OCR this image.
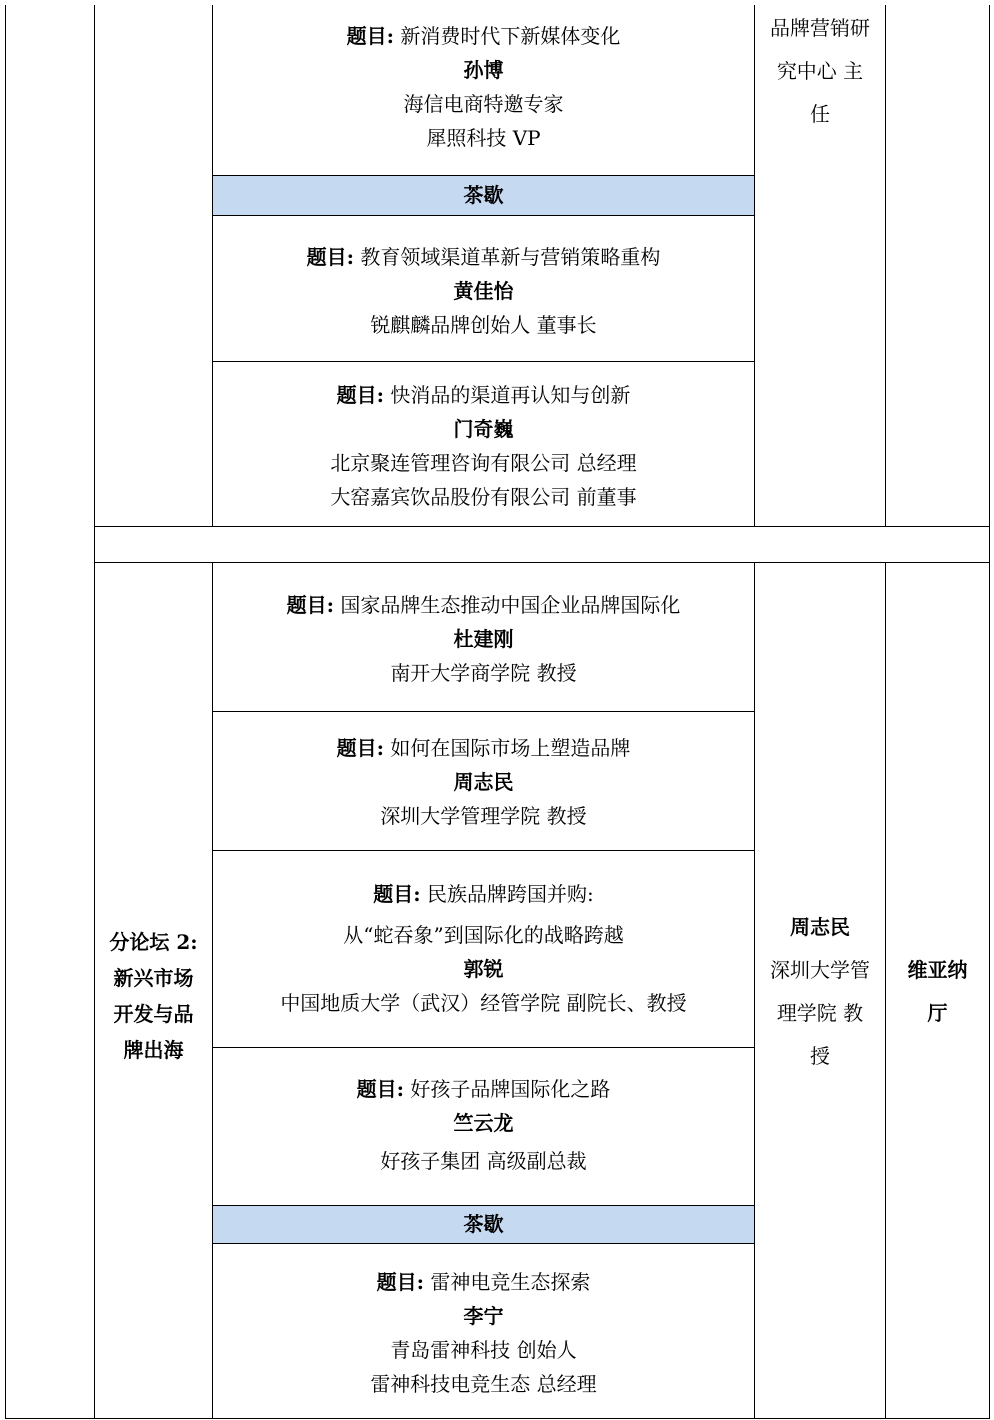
题目: 新消费时代下新媒体变化
孙博
海信电商特邀专家
犀照科技 VP
茶歇
题目: 教育领域渠道革新与营销策略重构
黄佳怡
锐麒麟品牌创始人 董事长
题目: 快消品的渠道再认知与创新
门奇巍
北京聚连管理咨询有限公司 总经理
大窑嘉宾饮品股份有限公司 前董事
品牌营销研
究中心 主
任
分论坛 2:
新兴市场
开发与品
牌出海
题目: 国家品牌生态推动中国企业品牌国际化
杜建刚
南开大学商学院 教授
题目: 如何在国际市场上塑造品牌
周志民
深圳大学管理学院 教授
题目: 民族品牌跨国并购:
从“蛇吞象”到国际化的战略跨越
郭锐
中国地质大学（武汉）经管学院 副院长、教授
题目: 好孩子品牌国际化之路
竺云龙
好孩子集团 高级副总裁
茶歇
题目: 雷神电竞生态探索
李宁
青岛雷神科技 创始人
雷神科技电竞生态 总经理
周志民
深圳大学管
理学院 教
授
维亚纳
厅
